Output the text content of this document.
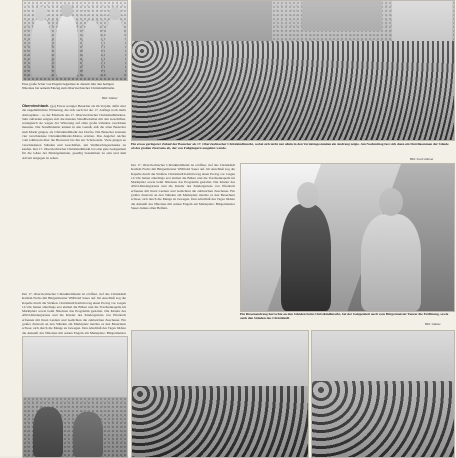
Eine große Schar von Engeln begleitete in diesem Jahr den heiligen Nikolaus bei seinem Einzug zum Oberviechtacher Christkindlmarkt.
Bild: Glatter
Oberviechtach. (ga) Etwas weniger Besucher als im Vorjahr, dafür aber die ungemütlichste Witterung, die sich auch bei der 17. Auflage noch mehr Atmosphäre – so der Eindruck des 17. Oberviechtacher Christkindlmarktes. Sehr zufrieden zeigten sich die meisten Standlbetreiber mit den Geschäften, wenngleich sie wegen der Witterung auf allzu große Umsätze verzichten mussten. Die Standlinhaber kamen in den Genuß, daß die alten Besucher zum Markt gingen, als Christkindlmarkt des Dorfes. Die Besucher konnten vier verschiedene Christkindlmarkt-Mottos erleben. Das Angebot reichte vom Glühwein über die Bratwurst bis hin zur Schokolade. Viele gingen zu verschiedenen Ständen und Geschäften, um Weihnachtsgeschenke zu kaufen. Der 17. Oberviechtacher Christkindlmarkt bot eine gute Gelegenheit für die Gäste der Marktgemeinde, gesellig beisammen zu sein und dem Advent entgegen zu sehen.
Ein etwas geringerer Zulauf der Besucher als 17. Oberviechtacher Christkindlmarkt, wobei sich nicht nur allein in den Vormittagsstunden ein Andrang zeigte. Am Nachmittag fast sich dann ein Durchkommen der Stände ob des großen Zustroms ab, der von Fußgängern ausgelöst wurde.
Bild: Fred Hüttner
Der 17. Oberviechtacher Christkindlmarkt ist eröffnet, rief das Christkindl Kathrin Fuchs mit Bürgermeister Willibald Sauer auf. Im Anschluß zog die Kapelle durch die Straßen. Christkindl Kathrin trug einen Prolog vor. Gegen 14 Uhr hatten allerdings erst einmal die Bläser und die Trachtenkapelle im Marktplatz sowie beim Nikolaus das Programm gestaltet. Die Kinder des AWO-Kindergartens und die Kinder des Kindergartens von Pfrentsch erfreuten mit ihren Liedern und Gedichten die zahlreichen Zuschauer. Ein großer Zustrom an den Ständen am Marktplatz machte es den Besuchern schwer, sich durch die Menge zu bewegen. Den Abschluß des Tages bildete die Ankunft des Nikolaus mit seinen Engeln am Marktplatz. Bürgermeister
Der 17. Oberviechtacher Christkindlmarkt ist eröffnet, rief das Christkindl Kathrin Fuchs mit Bürgermeister Willibald Sauer auf. Im Anschluß zog die Kapelle durch die Straßen. Christkindl Kathrin trug einen Prolog vor. Gegen 14 Uhr hatten allerdings erst einmal die Bläser und die Trachtenkapelle im Marktplatz sowie beim Nikolaus das Programm gestaltet. Die Kinder des AWO-Kindergartens und die Kinder des Kindergartens von Pfrentsch erfreuten mit ihren Liedern und Gedichten die zahlreichen Zuschauer. Ein großer Zustrom an den Ständen am Marktplatz machte es den Besuchern schwer, sich durch die Menge zu bewegen. Den Abschluß des Tages bildete die Ankunft des Nikolaus mit seinen Engeln am Marktplatz. Bürgermeister Sauer dankte allen Helfern.
Ein Riesenandrang herrschte an den Ständen beim Christkindlmarkt, bei der Gelegenheit auch vom Bürgermeister Tanzer die Eröffnung, sowie auch den Ständen des Christkindl.
Bild: Glatter
